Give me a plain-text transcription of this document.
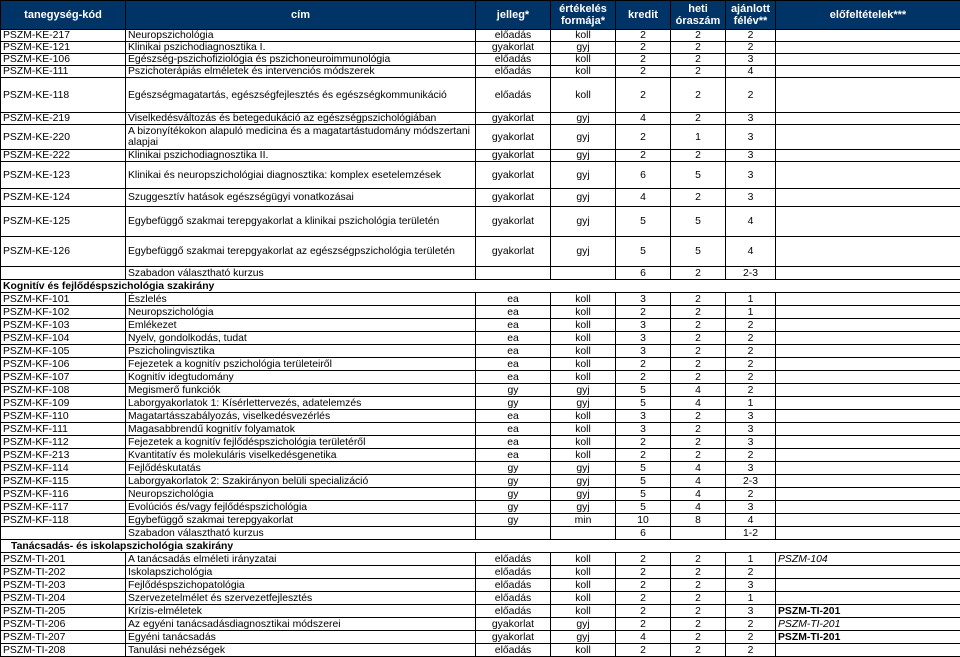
tanegység-kód	cím	jelleg*	értékelés formája*	kredit	heti óraszám	ajánlott félév**	előfeltételek***
PSZM-KE-217	Neuropszichológia	előadás	koll	2	2	2	
PSZM-KE-121	Klinikai pszichodiagnosztika I.	gyakorlat	gyj	2	2	2	
PSZM-KE-106	Egészség-pszichofiziológia és pszichoneuroimmunológia	előadás	koll	2	2	3	
PSZM-KE-111	Pszichoterápiás elméletek és intervenciós módszerek	előadás	koll	2	2	4	
PSZM-KE-118	Egészségmagatartás, egészségfejlesztés és egészségkommunikáció	előadás	koll	2	2	2	
PSZM-KE-219	Viselkedésváltozás és betegedukáció az egészségpszichológiában	gyakorlat	gyj	4	2	3	
PSZM-KE-220	A bizonyítékokon alapuló medicina és a magatartástudomány módszertani alapjai	gyakorlat	gyj	2	1	3	
PSZM-KE-222	Klinikai pszichodiagnosztika II.	gyakorlat	gyj	2	2	3	
PSZM-KE-123	Klinikai és neuropszichológiai diagnosztika: komplex esetelemzések	gyakorlat	gyj	6	5	3	
PSZM-KE-124	Szuggesztív hatások egészségügyi vonatkozásai	gyakorlat	gyj	4	2	3	
PSZM-KE-125	Egybefüggő szakmai terepgyakorlat a klinikai pszichológia területén	gyakorlat	gyj	5	5	4	
PSZM-KE-126	Egybefüggő szakmai terepgyakorlat az egészségpszichológia területén	gyakorlat	gyj	5	5	4	
	Szabadon választható kurzus			6	2	2-3	
Kognitív és fejlődéspszichológia szakirány							
PSZM-KF-101	Észlelés	ea	koll	3	2	1	
PSZM-KF-102	Neuropszichológia	ea	koll	2	2	1	
PSZM-KF-103	Emlékezet	ea	koll	3	2	2	
PSZM-KF-104	Nyelv, gondolkodás, tudat	ea	koll	3	2	2	
PSZM-KF-105	Pszicholingvisztika	ea	koll	3	2	2	
PSZM-KF-106	Fejezetek a kognitív pszichológia területeiről	ea	koll	2	2	2	
PSZM-KF-107	Kognitív idegtudomány	ea	koll	2	2	2	
PSZM-KF-108	Megismerő funkciók	gy	gyj	5	4	2	
PSZM-KF-109	Laborgyakorlatok 1: Kísérlettervezés, adatelemzés	gy	gyj	5	4	1	
PSZM-KF-110	Magatartásszabályozás, viselkedésvezérlés	ea	koll	3	2	3	
PSZM-KF-111	Magasabbrendű kognitív folyamatok	ea	koll	3	2	3	
PSZM-KF-112	Fejezetek a kognitív fejlődéspszichológia területéről	ea	koll	2	2	3	
PSZM-KF-213	Kvantitatív és molekuláris viselkedésgenetika	ea	koll	2	2	2	
PSZM-KF-114	Fejlődéskutatás	gy	gyj	5	4	3	
PSZM-KF-115	Laborgyakorlatok 2: Szakirányon belüli specializáció	gy	gyj	5	4	2-3	
PSZM-KF-116	Neuropszichológia	gy	gyj	5	4	2	
PSZM-KF-117	Evolúciós és/vagy fejlődéspszichológia	gy	gyj	5	4	3	
PSZM-KF-118	Egybefüggő szakmai terepgyakorlat	gy	min	10	8	4	
	Szabadon választható kurzus			6		1-2	
Tanácsadás- és iskolapszichológia szakirány							
PSZM-TI-201	A tanácsadás elméleti irányzatai	előadás	koll	2	2	1	PSZM-104
PSZM-TI-202	Iskolapszichológia	előadás	koll	2	2	2	
PSZM-TI-203	Fejlődéspszichopatológia	előadás	koll	2	2	3	
PSZM-TI-204	Szervezetelmélet és szervezetfejlesztés	előadás	koll	2	2	1	
PSZM-TI-205	Krízis-elméletek	előadás	koll	2	2	3	PSZM-TI-201
PSZM-TI-206	Az egyéni tanácsadásdiagnosztikai módszerei	gyakorlat	gyj	2	2	2	PSZM-TI-201
PSZM-TI-207	Egyéni tanácsadás	gyakorlat	gyj	4	2	2	PSZM-TI-201
PSZM-TI-208	Tanulási nehézségek	előadás	koll	2	2	2	
